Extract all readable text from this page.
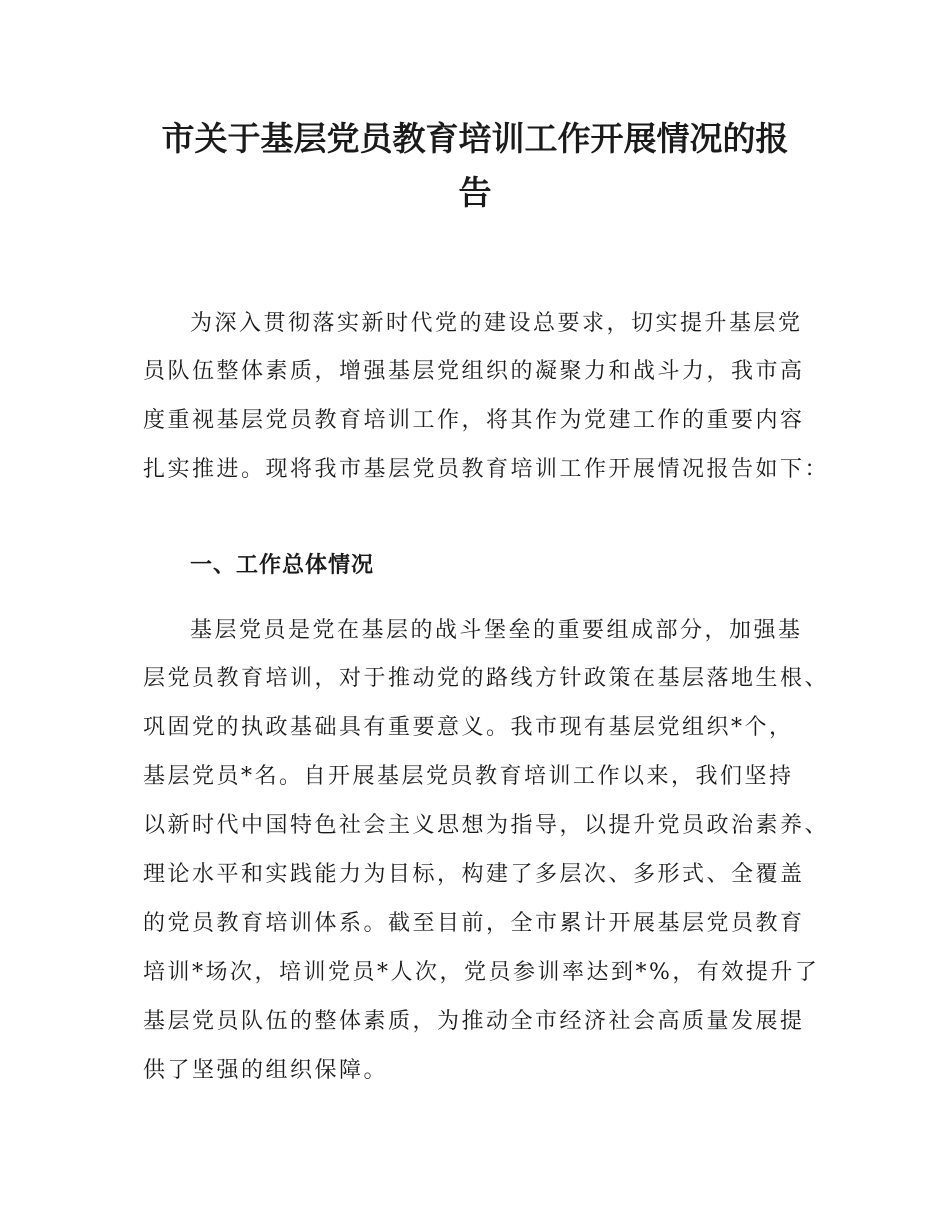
市关于基层党员教育培训工作开展情况的报
告

为深入贯彻落实新时代党的建设总要求，切实提升基层党

员队伍整体素质，增强基层党组织的凝聚力和战斗力，我市高

度重视基层党员教育培训工作，将其作为党建工作的重要内容

扎实推进。现将我市基层党员教育培训工作开展情况报告如下：

一、工作总体情况

基层党员是党在基层的战斗堡垒的重要组成部分，加强基

层党员教育培训，对于推动党的路线方针政策在基层落地生根、

巩固党的执政基础具有重要意义。我市现有基层党组织*个，

基层党员*名。自开展基层党员教育培训工作以来，我们坚持

以新时代中国特色社会主义思想为指导，以提升党员政治素养、

理论水平和实践能力为目标，构建了多层次、多形式、全覆盖

的党员教育培训体系。截至目前，全市累计开展基层党员教育

培训*场次，培训党员*人次，党员参训率达到*%，有效提升了

基层党员队伍的整体素质，为推动全市经济社会高质量发展提

供了坚强的组织保障。
